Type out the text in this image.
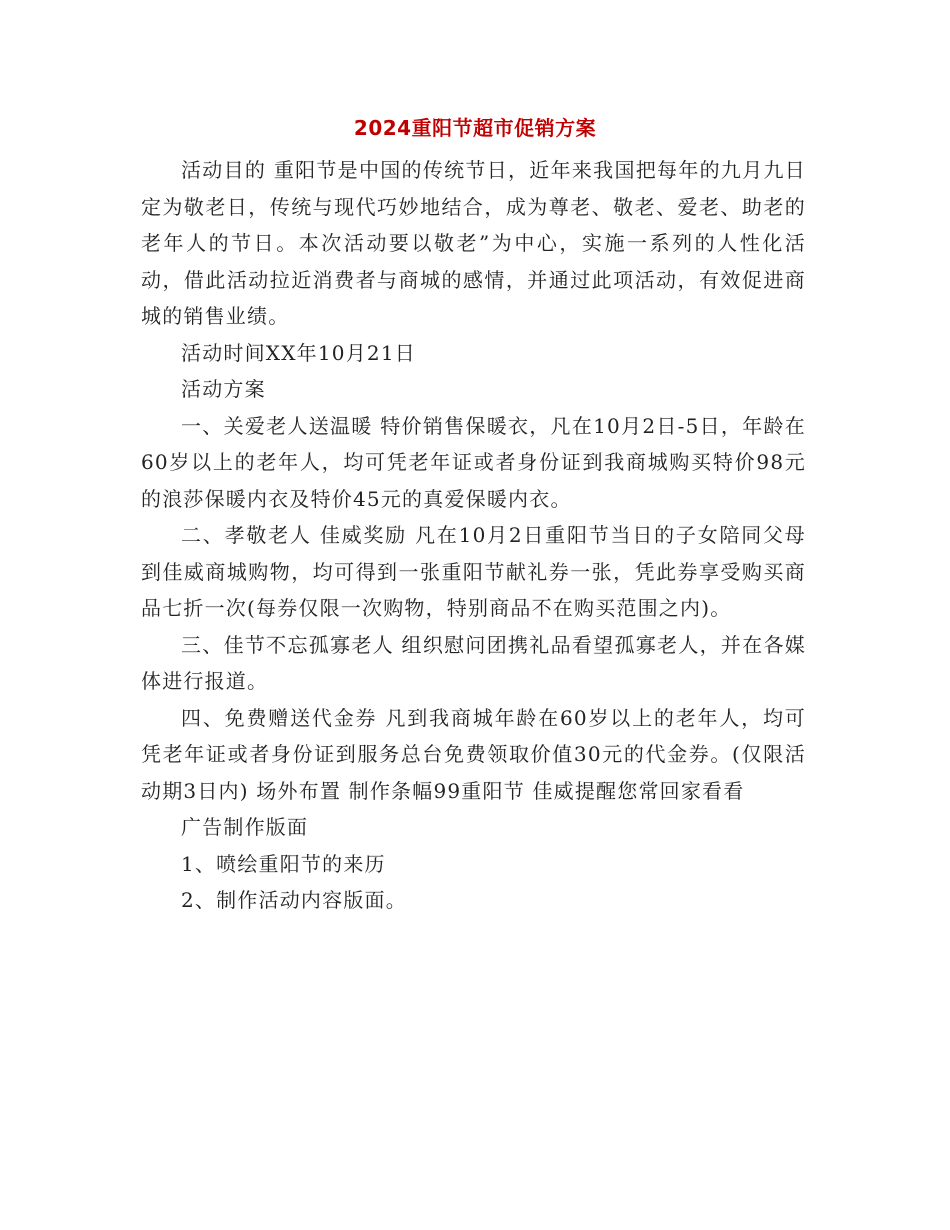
2024重阳节超市促销方案

活动目的 重阳节是中国的传统节日，近年来我国把每年的九月九日定为敬老日，传统与现代巧妙地结合，成为尊老、敬老、爱老、助老的老年人的节日。本次活动要以敬老”为中心，实施一系列的人性化活动，借此活动拉近消费者与商城的感情，并通过此项活动，有效促进商城的销售业绩。

活动时间XX年10月21日

活动方案

一、关爱老人送温暖 特价销售保暖衣，凡在10月2日-5日，年龄在60岁以上的老年人，均可凭老年证或者身份证到我商城购买特价98元的浪莎保暖内衣及特价45元的真爱保暖内衣。

二、孝敬老人 佳威奖励 凡在10月2日重阳节当日的子女陪同父母到佳威商城购物，均可得到一张重阳节献礼券一张，凭此券享受购买商品七折一次(每券仅限一次购物，特别商品不在购买范围之内)。

三、佳节不忘孤寡老人 组织慰问团携礼品看望孤寡老人，并在各媒体进行报道。

四、免费赠送代金券 凡到我商城年龄在60岁以上的老年人，均可凭老年证或者身份证到服务总台免费领取价值30元的代金券。(仅限活动期3日内) 场外布置 制作条幅99重阳节 佳威提醒您常回家看看

广告制作版面

1、喷绘重阳节的来历

2、制作活动内容版面。
